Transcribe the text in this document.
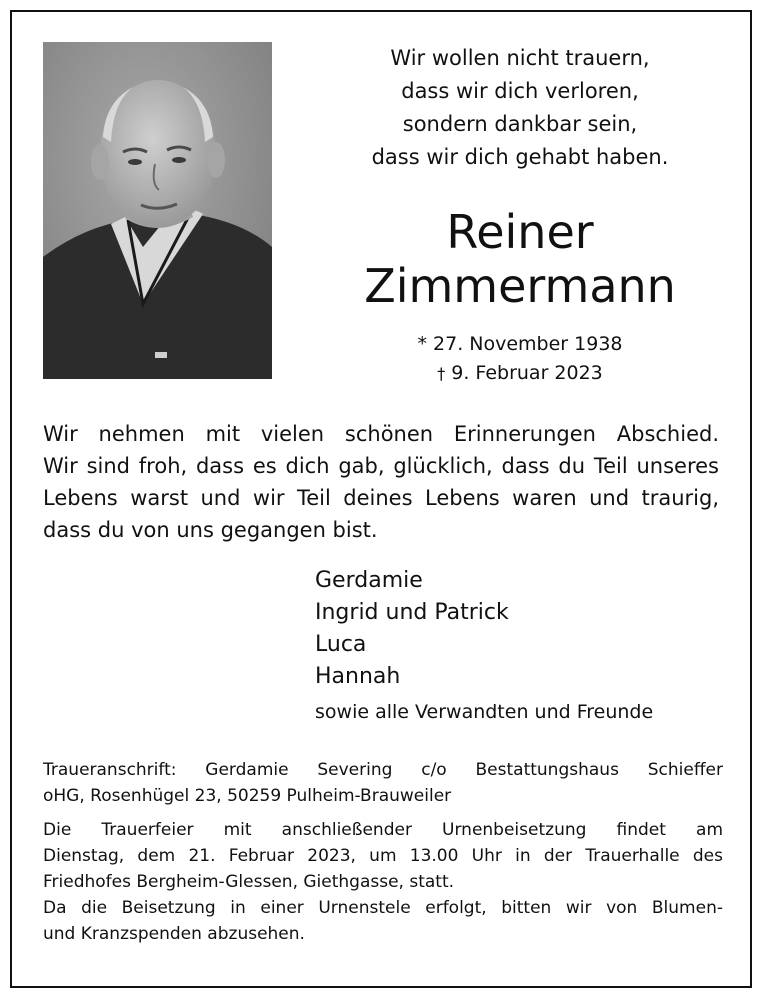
Wir wollen nicht trauern,
dass wir dich verloren,
sondern dankbar sein,
dass wir dich gehabt haben.
Reiner
Zimmermann
* 27. November 1938
† 9. Februar 2023
Wir nehmen mit vielen schönen Erinnerungen Abschied.
Wir sind froh, dass es dich gab, glücklich, dass du Teil unseres
Lebens warst und wir Teil deines Lebens waren und traurig,
dass du von uns gegangen bist.
Gerdamie
Ingrid und Patrick
Luca
Hannah
sowie alle Verwandten und Freunde
Traueranschrift: Gerdamie Severing c/o Bestattungshaus Schieffer
oHG, Rosenhügel 23, 50259 Pulheim-Brauweiler
Die Trauerfeier mit anschließender Urnenbeisetzung findet am
Dienstag, dem 21. Februar 2023, um 13.00 Uhr in der Trauerhalle des
Friedhofes Bergheim-Glessen, Giethgasse, statt.
Da die Beisetzung in einer Urnenstele erfolgt, bitten wir von Blumen-
und Kranzspenden abzusehen.
